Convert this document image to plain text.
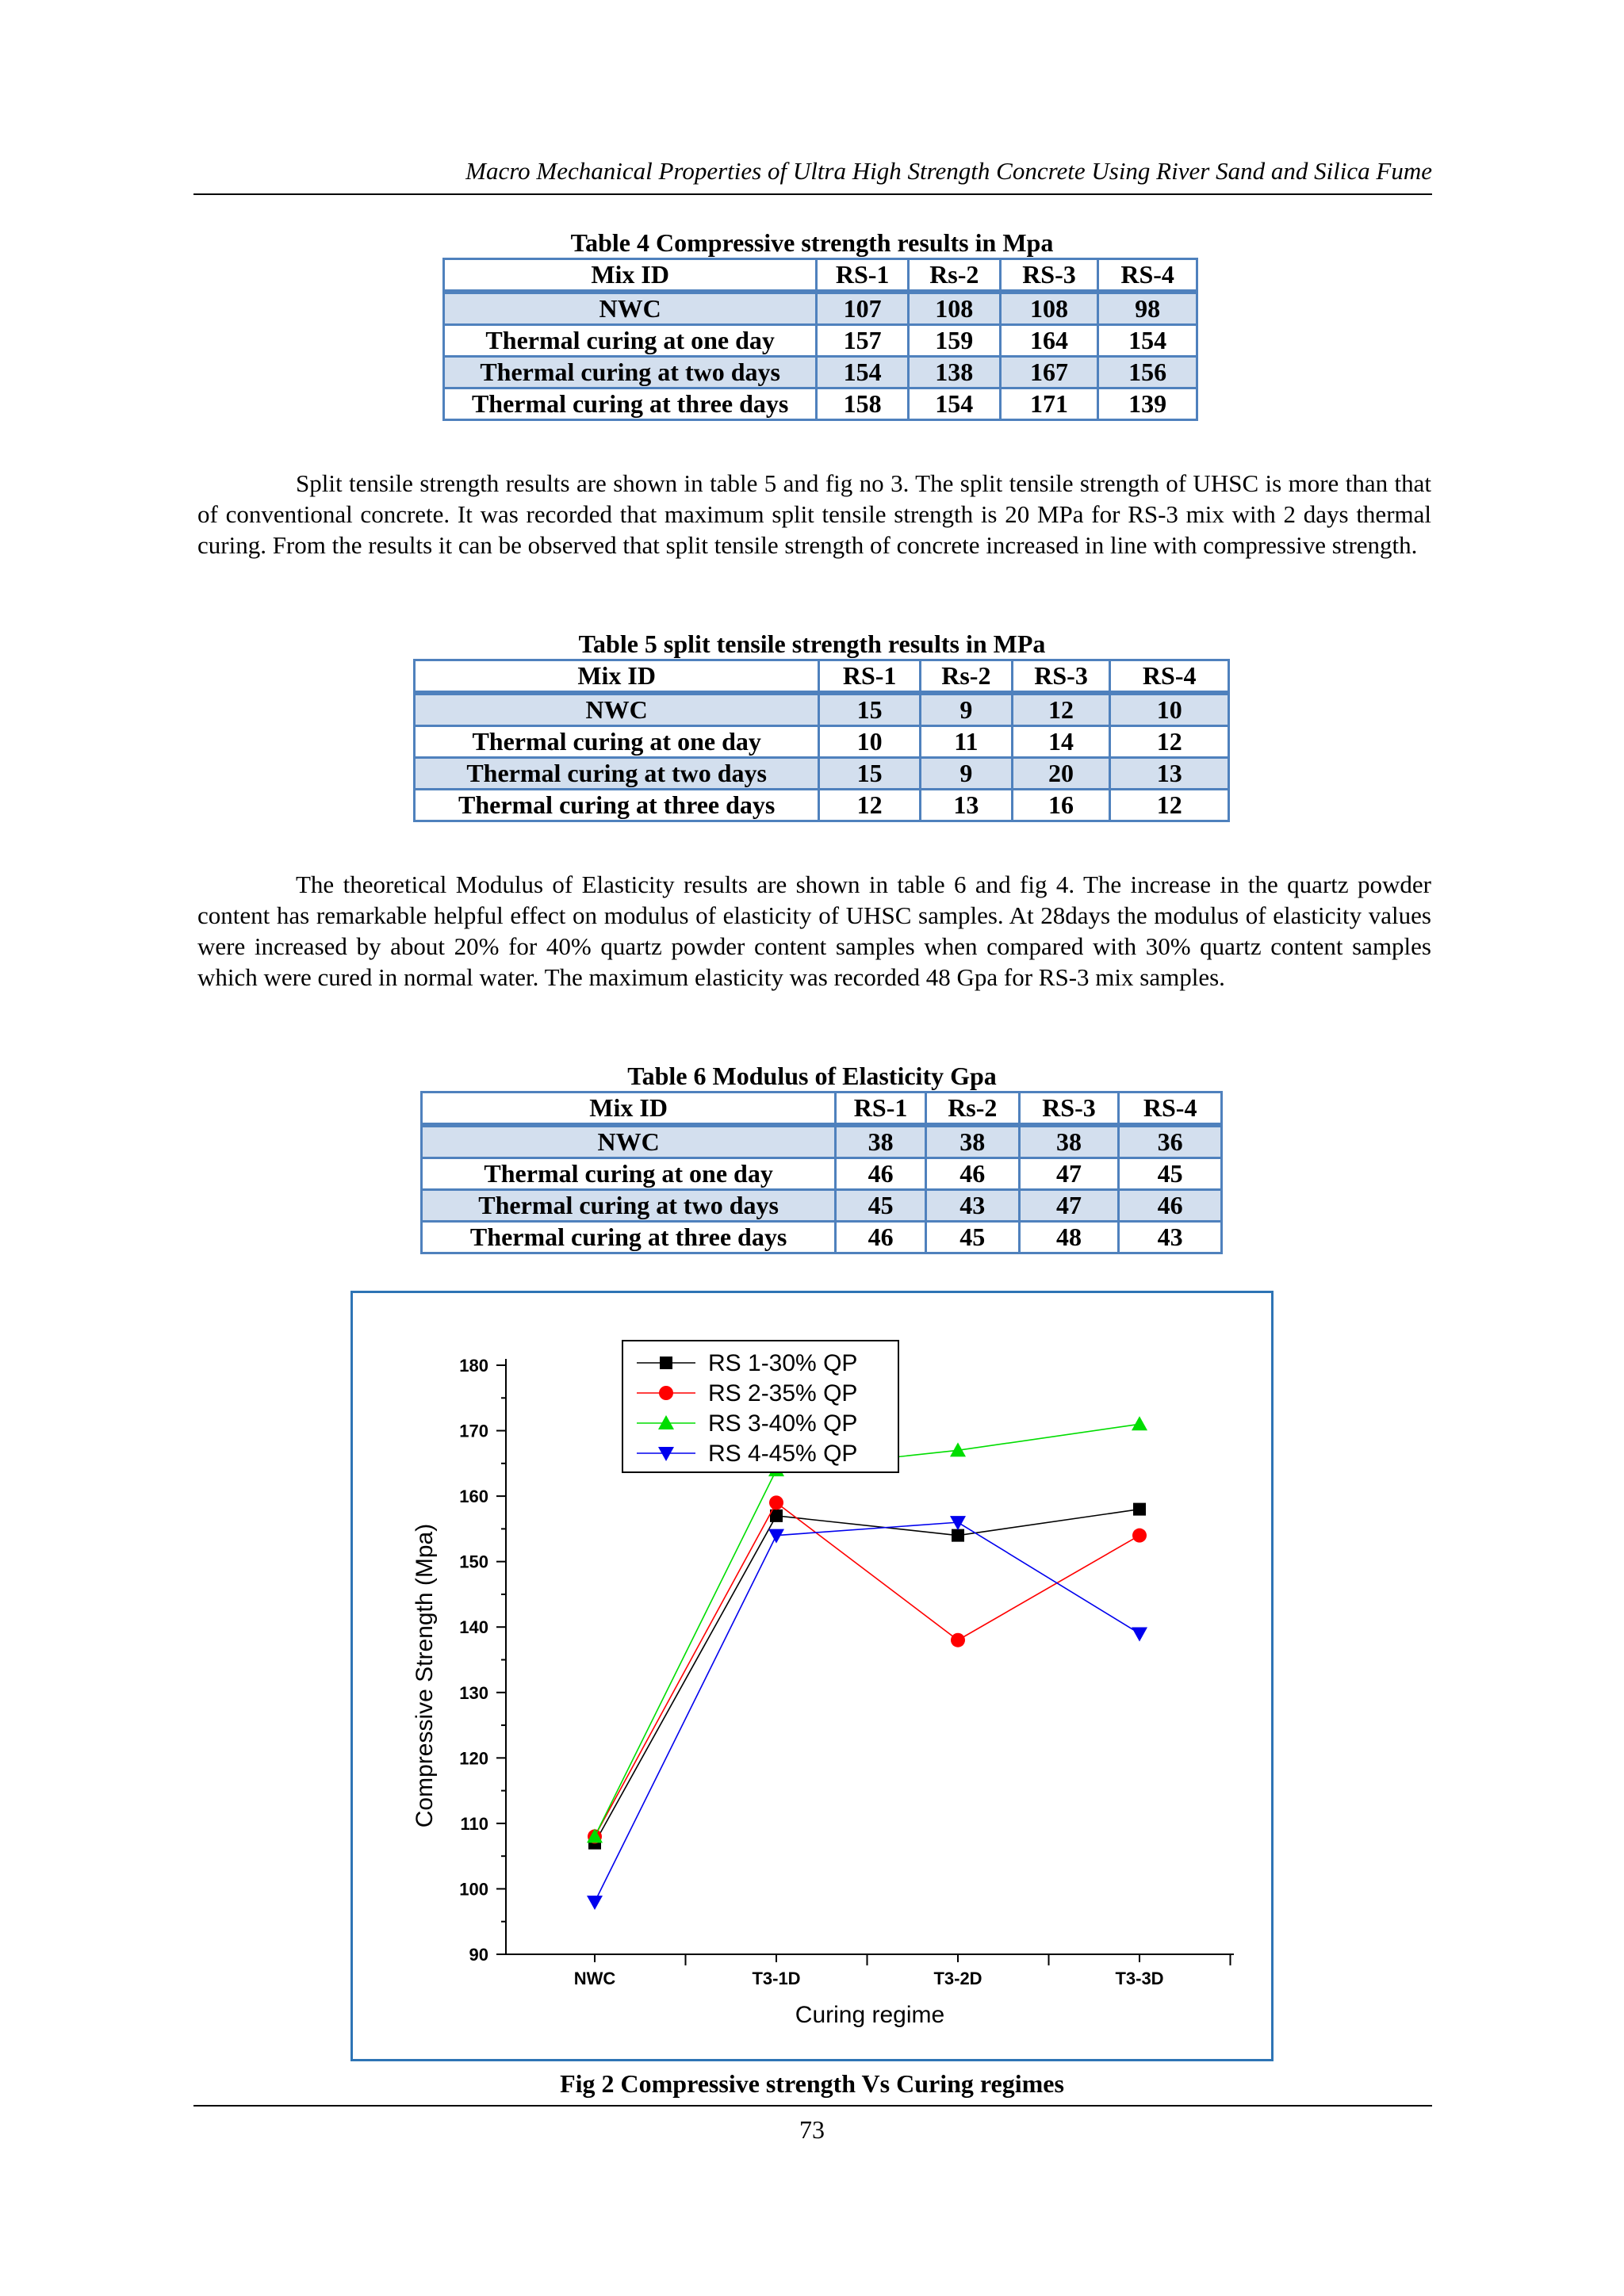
Macro Mechanical Properties of Ultra High Strength Concrete Using River Sand and Silica Fume
Table 4 Compressive strength results in Mpa
Mix ID	RS-1	Rs-2	RS-3	RS-4
NWC	107	108	108	98
Thermal curing at one day	157	159	164	154
Thermal curing at two days	154	138	167	156
Thermal curing at three days	158	154	171	139
Split tensile strength results are shown in table 5 and fig no 3. The split tensile strength of UHSC is more than that of conventional concrete. It was recorded that maximum split tensile strength is 20 MPa for RS-3 mix with 2 days thermal curing. From the results it can be observed that split tensile strength of concrete increased in line with compressive strength.
Table 5 split tensile strength results in MPa
Mix ID	RS-1	Rs-2	RS-3	RS-4
NWC	15	9	12	10
Thermal curing at one day	10	11	14	12
Thermal curing at two days	15	9	20	13
Thermal curing at three days	12	13	16	12
The theoretical Modulus of Elasticity results are shown in table 6 and fig 4. The increase in the quartz powder content has remarkable helpful effect on modulus of elasticity of UHSC samples. At 28days the modulus of elasticity values were increased by about 20% for 40% quartz powder content samples when compared with 30% quartz content samples which were cured in normal water. The maximum elasticity was recorded 48 Gpa for RS-3 mix samples.
Table 6 Modulus of Elasticity Gpa
Mix ID	RS-1	Rs-2	RS-3	RS-4
NWC	38	38	38	36
Thermal curing at one day	46	46	47	45
Thermal curing at two days	45	43	47	46
Thermal curing at three days	46	45	48	43
90
100
110
120
130
140
150
160
170
180
NWC	T3-1D	T3-2D	T3-3D
Curing regime
Compressive Strength (Mpa)
RS 1-30% QP
RS 2-35% QP
RS 3-40% QP
RS 4-45% QP
Fig 2 Compressive strength Vs Curing regimes
73
